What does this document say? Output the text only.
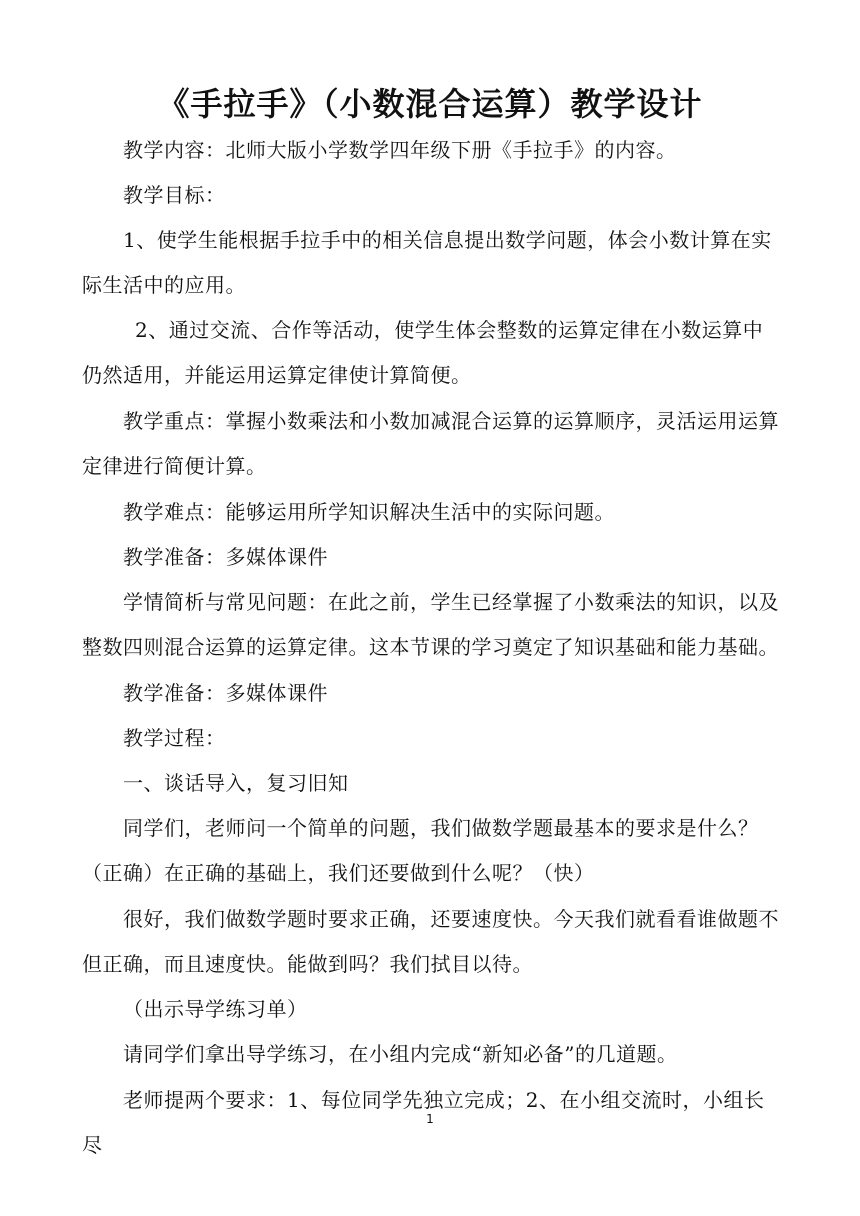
《手拉手》（小数混合运算）教学设计

教学内容：北师大版小学数学四年级下册《手拉手》的内容。

教学目标：

1、使学生能根据手拉手中的相关信息提出数学问题，体会小数计算在实际生活中的应用。

2、通过交流、合作等活动，使学生体会整数的运算定律在小数运算中仍然适用，并能运用运算定律使计算简便。

教学重点：掌握小数乘法和小数加减混合运算的运算顺序，灵活运用运算定律进行简便计算。

教学难点：能够运用所学知识解决生活中的实际问题。

教学准备：多媒体课件

学情简析与常见问题：在此之前，学生已经掌握了小数乘法的知识，以及整数四则混合运算的运算定律。这本节课的学习奠定了知识基础和能力基础。

教学准备：多媒体课件

教学过程：

一、谈话导入，复习旧知

同学们，老师问一个简单的问题，我们做数学题最基本的要求是什么？（正确）在正确的基础上，我们还要做到什么呢？（快）

很好，我们做数学题时要求正确，还要速度快。今天我们就看看谁做题不但正确，而且速度快。能做到吗？我们拭目以待。

（出示导学练习单）

请同学们拿出导学练习，在小组内完成“新知必备”的几道题。

老师提两个要求：1、每位同学先独立完成；2、在小组交流时，小组长尽

1
